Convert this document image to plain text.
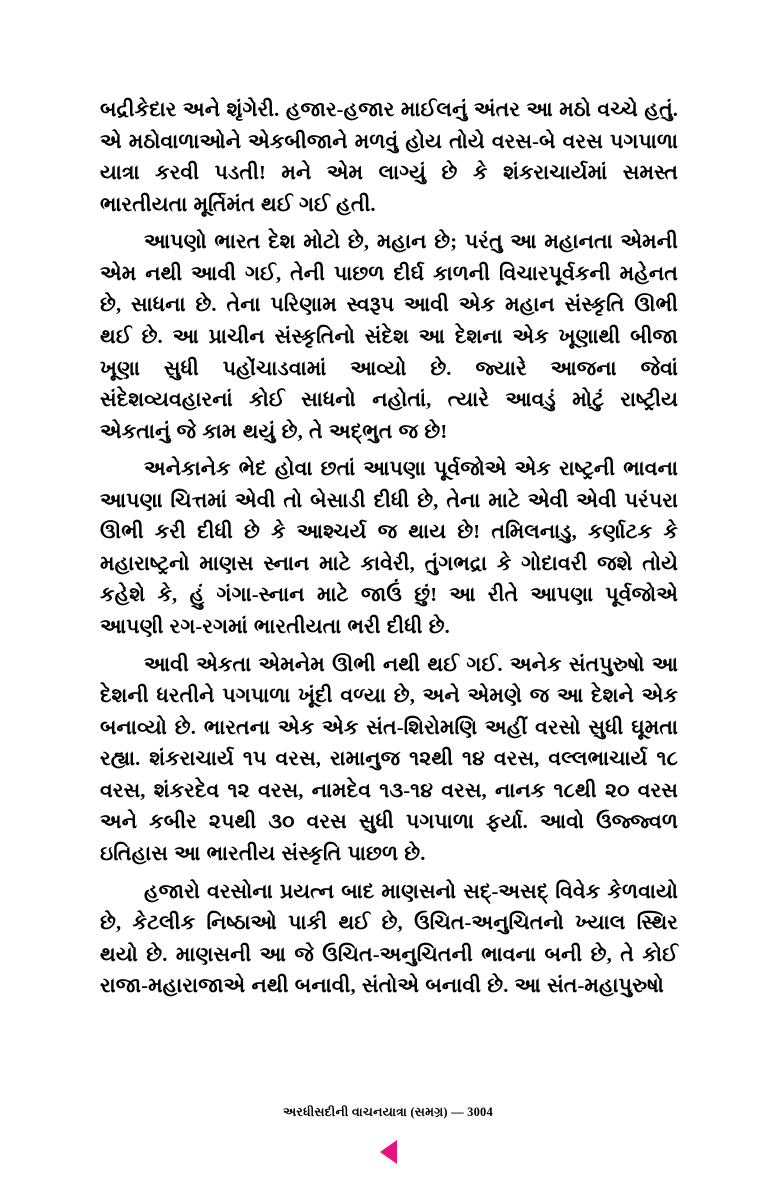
બદ્રીકેદાર અને શૃંગેરી. હજાર-હજાર માઈલનું અંતર આ મઠો વચ્ચે હતું. એ મઠોવાળાઓને એકબીજાને મળવું હોય તોયે વરસ-બે વરસ પગપાળા યાત્રા કરવી પડતી! મને એમ લાગ્યું છે કે શંકરાચાર્યમાં સમસ્ત ભારતીયતા મૂર્તિમંત થઈ ગઈ હતી.

આપણો ભારત દેશ મોટો છે, મહાન છે; પરંતુ આ મહાનતા એમની એમ નથી આવી ગઈ, તેની પાછળ દીર્ઘ કાળની વિચારપૂર્વકની મહેનત છે, સાધના છે. તેના પરિણામ સ્વરૂપ આવી એક મહાન સંસ્કૃતિ ઊભી થઈ છે. આ પ્રાચીન સંસ્કૃતિનો સંદેશ આ દેશના એક ખૂણાથી બીજા ખૂણા સુધી પહોંચાડવામાં આવ્યો છે. જ્યારે આજના જેવાં સંદેશવ્યવહારનાં કોઈ સાધનો નહોતાં, ત્યારે આવડું મોટું રાષ્ટ્રીય એકતાનું જે કામ થયું છે, તે અદ્ભુત જ છે!

અનેકાનેક ભેદ હોવા છતાં આપણા પૂર્વજોએ એક રાષ્ટ્રની ભાવના આપણા ચિત્તમાં એવી તો બેસાડી દીધી છે, તેના માટે એવી એવી પરંપરા ઊભી કરી દીધી છે કે આશ્ચર્ય જ થાય છે! તમિલનાડુ, કર્ણાટક કે મહારાષ્ટ્રનો માણસ સ્નાન માટે કાવેરી, તુંગભદ્રા કે ગોદાવરી જશે તોયે કહેશે કે, હું ગંગા-સ્નાન માટે જાઉં છું! આ રીતે આપણા પૂર્વજોએ આપણી રગ-રગમાં ભારતીયતા ભરી દીધી છે.

આવી એકતા એમનેમ ઊભી નથી થઈ ગઈ. અનેક સંતપુરુષો આ દેશની ધરતીને પગપાળા ખૂંદી વળ્યા છે, અને એમણે જ આ દેશને એક બનાવ્યો છે. ભારતના એક એક સંત-શિરોમણિ અહીં વરસો સુધી ઘૂમતા રહ્યા. શંકરાચાર્ય ૧૫ વરસ, રામાનુજ ૧૨થી ૧૪ વરસ, વલ્લભાચાર્ય ૧૮ વરસ, શંકરદેવ ૧૨ વરસ, નામદેવ ૧૩-૧૪ વરસ, નાનક ૧૮થી ૨૦ વરસ અને કબીર ૨૫થી ૩૦ વરસ સુધી પગપાળા ફર્યા. આવો ઉજ્જ્વળ ઇતિહાસ આ ભારતીય સંસ્કૃતિ પાછળ છે.

હજારો વરસોના પ્રયત્ન બાદ માણસનો સદ્-અસદ્ વિવેક કેળવાયો છે, કેટલીક નિષ્ઠાઓ પાકી થઈ છે, ઉચિત-અનુચિતનો ખ્યાલ સ્થિર થયો છે. માણસની આ જે ઉચિત-અનુચિતની ભાવના બની છે, તે કોઈ રાજા-મહારાજાએ નથી બનાવી, સંતોએ બનાવી છે. આ સંત-મહાપુરુષો

અરધીસદીની વાચનયાત્રા (સમગ્ર) — 3004
